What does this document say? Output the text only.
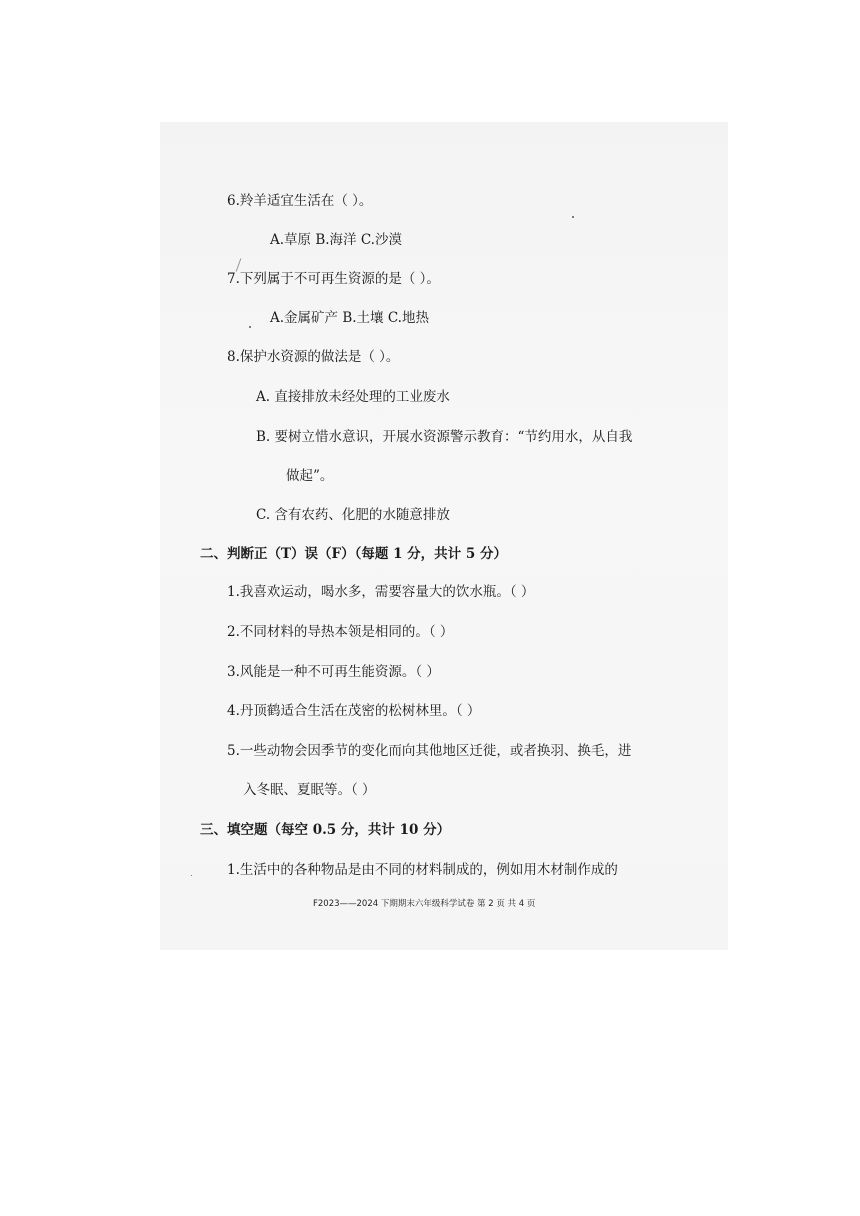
6.羚羊适宜生活在（ ）。
A.草原 B.海洋 C.沙漠
7.下列属于不可再生资源的是（ ）。
A.金属矿产 B.土壤 C.地热
8.保护水资源的做法是（ ）。
A. 直接排放未经处理的工业废水
B. 要树立惜水意识，开展水资源警示教育：“节约用水，从自我
做起”。
C. 含有农药、化肥的水随意排放
二、判断正（T）误（F）（每题 1 分，共计 5 分）
1.我喜欢运动，喝水多，需要容量大的饮水瓶。（ ）
2.不同材料的导热本领是相同的。（ ）
3.风能是一种不可再生能资源。（ ）
4.丹顶鹤适合生活在茂密的松树林里。（ ）
5.一些动物会因季节的变化而向其他地区迁徙，或者换羽、换毛，进
入冬眠、夏眠等。（ ）
三、填空题（每空 0.5 分，共计 10 分）
1.生活中的各种物品是由不同的材料制成的，例如用木材制作成的
F2023——2024 下期期末六年级科学试卷 第 2 页 共 4 页
